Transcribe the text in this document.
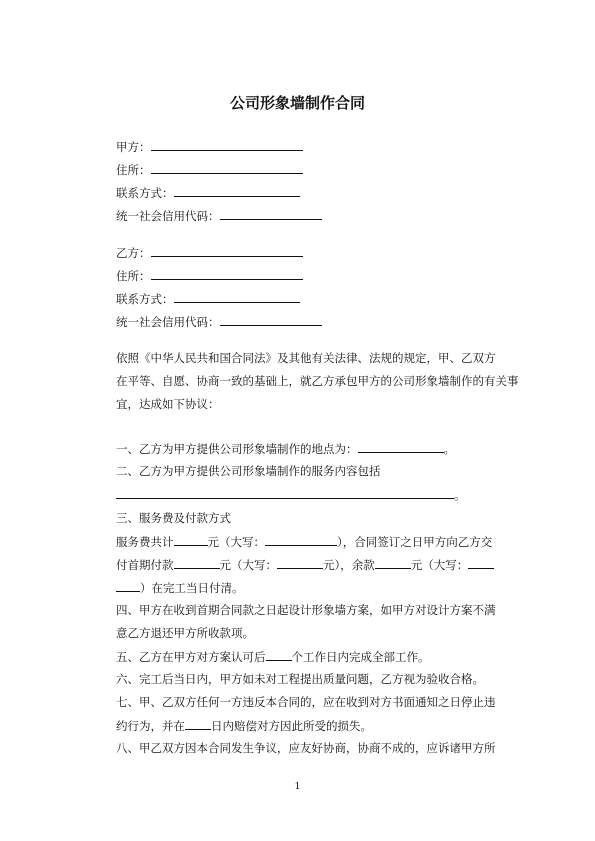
公司形象墙制作合同
甲方：
住所：
联系方式：
统一社会信用代码：
乙方：
住所：
联系方式：
统一社会信用代码：
依照《中华人民共和国合同法》及其他有关法律、法规的规定，甲、乙双方
在平等、自愿、协商一致的基础上，就乙方承包甲方的公司形象墙制作的有关事
宜，达成如下协议：
一、乙方为甲方提供公司形象墙制作的地点为：	。
二、乙方为甲方提供公司形象墙制作的服务内容包括
。
三、服务费及付款方式
服务费共计	元（大写：	），合同签订之日甲方向乙方交
付首期付款	元（大写：	元），余款	元（大写：
）在完工当日付清。
四、甲方在收到首期合同款之日起设计形象墙方案，如甲方对设计方案不满
意乙方退还甲方所收款项。
五、乙方在甲方对方案认可后 个工作日内完成全部工作。
六、完工后当日内，甲方如未对工程提出质量问题，乙方视为验收合格。
七、甲、乙双方任何一方违反本合同的，应在收到对方书面通知之日停止违
约行为，并在 日内赔偿对方因此所受的损失。
八、甲乙双方因本合同发生争议，应友好协商，协商不成的，应诉诸甲方所
1
